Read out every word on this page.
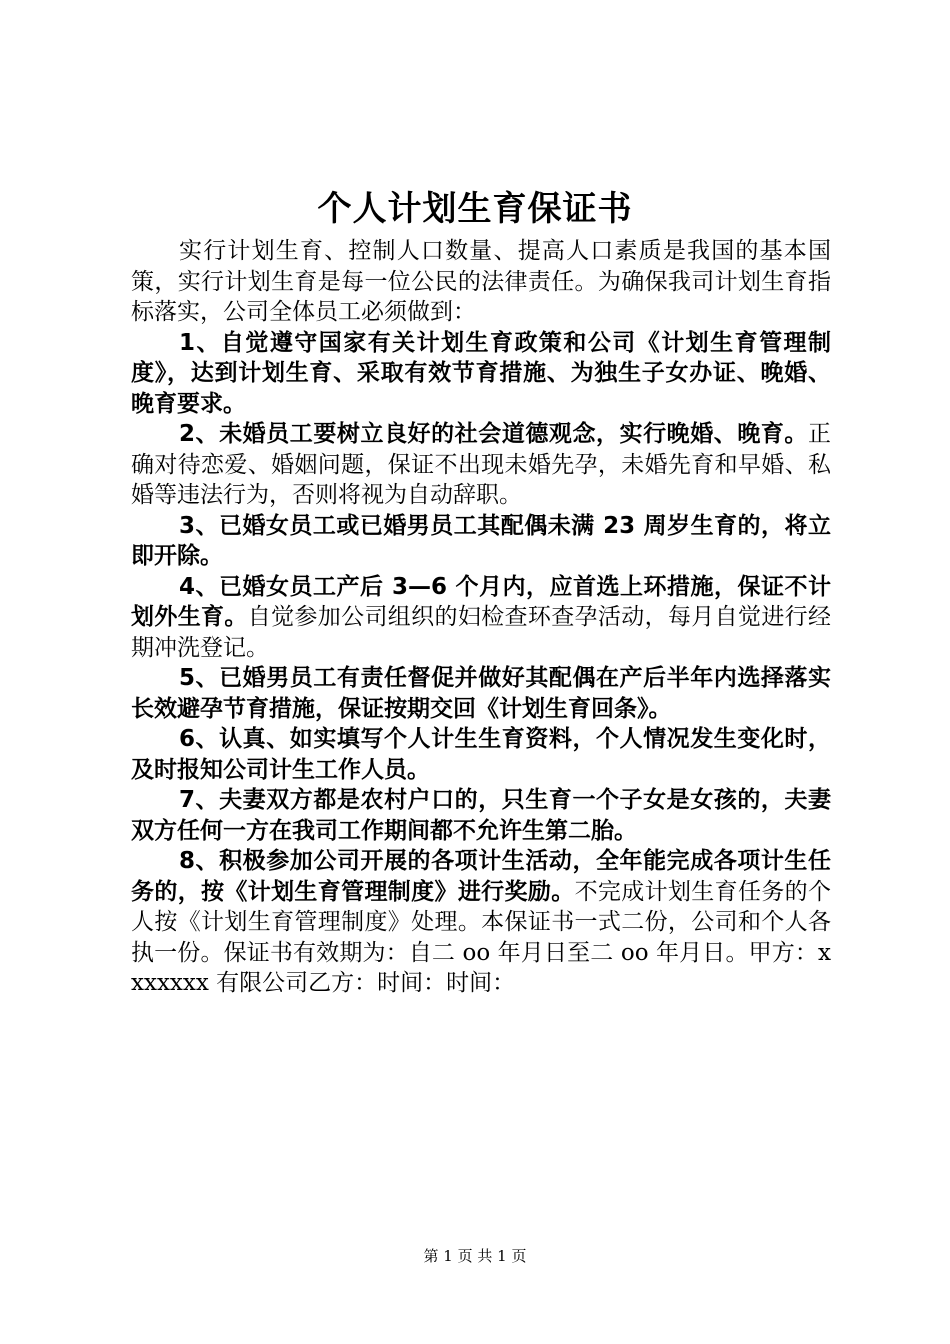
个人计划生育保证书

实行计划生育、控制人口数量、提高人口素质是我国的基本国策，实行计划生育是每一位公民的法律责任。为确保我司计划生育指标落实，公司全体员工必须做到：

1、自觉遵守国家有关计划生育政策和公司《计划生育管理制度》，达到计划生育、采取有效节育措施、为独生子女办证、晚婚、晚育要求。

2、未婚员工要树立良好的社会道德观念，实行晚婚、晚育。正确对待恋爱、婚姻问题，保证不出现未婚先孕，未婚先育和早婚、私婚等违法行为，否则将视为自动辞职。

3、已婚女员工或已婚男员工其配偶未满 23 周岁生育的，将立即开除。

4、已婚女员工产后 3—6 个月内，应首选上环措施，保证不计划外生育。自觉参加公司组织的妇检查环查孕活动，每月自觉进行经期冲洗登记。

5、已婚男员工有责任督促并做好其配偶在产后半年内选择落实长效避孕节育措施，保证按期交回《计划生育回条》。

6、认真、如实填写个人计生生育资料，个人情况发生变化时，及时报知公司计生工作人员。

7、夫妻双方都是农村户口的，只生育一个子女是女孩的，夫妻双方任何一方在我司工作期间都不允许生第二胎。

8、积极参加公司开展的各项计生活动，全年能完成各项计生任务的，按《计划生育管理制度》进行奖励。不完成计划生育任务的个人按《计划生育管理制度》处理。本保证书一式二份，公司和个人各执一份。保证书有效期为：自二 oo 年月日至二 oo 年月日。甲方：xxxxxxx 有限公司乙方：时间：时间：

第 1 页 共 1 页
